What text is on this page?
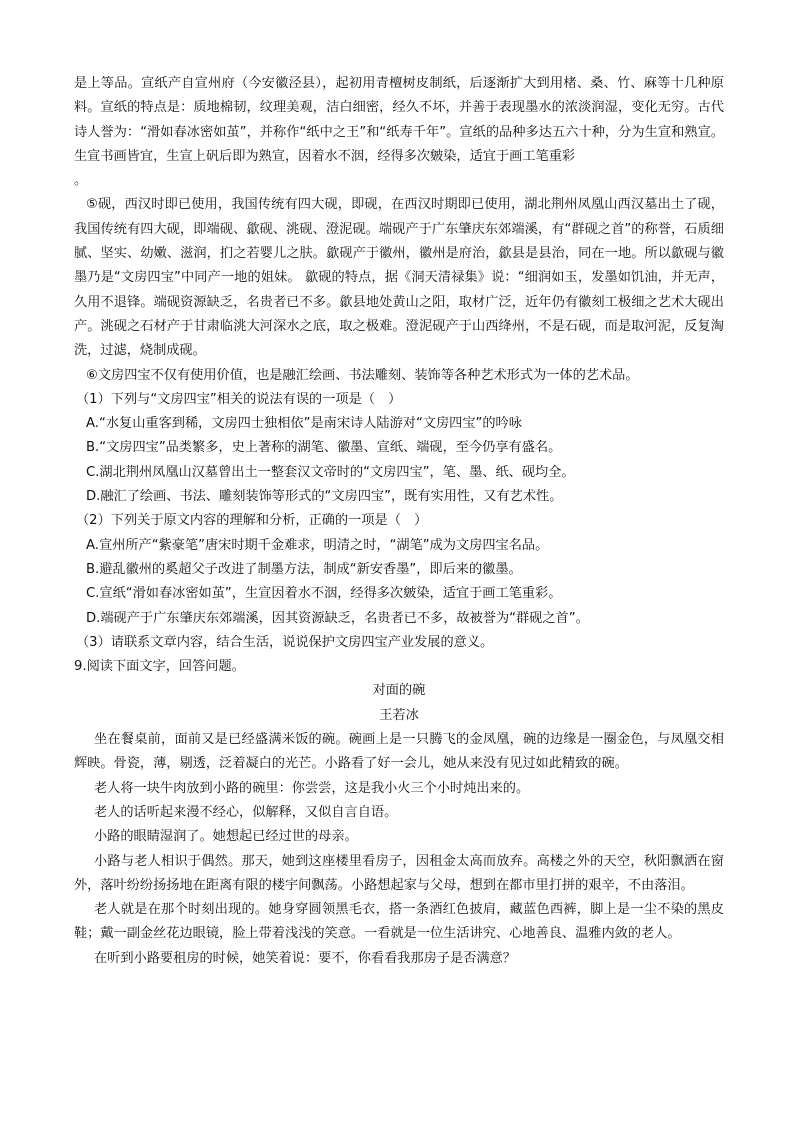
是上等品。宣纸产自宣州府（今安徽泾县），起初用青檀树皮制纸，后逐渐扩大到用楮、桑、竹、麻等十几种原料。宣纸的特点是：质地棉韧，纹理美观，洁白细密，经久不坏，并善于表现墨水的浓淡润湿，变化无穷。古代诗人誉为：“滑如春冰密如茧”，并称作“纸中之王”和“纸寿千年”。宣纸的品种多达五六十种，分为生宣和熟宣。生宣书画皆宜，生宣上矾后即为熟宣，因着水不洇，经得多次皴染，适宜于画工笔重彩

。

⑤砚，西汉时即已使用，我国传统有四大砚，即砚，在西汉时期即已使用，湖北荆州凤凰山西汉墓出土了砚，我国传统有四大砚，即端砚、歙砚、洮砚、澄泥砚。端砚产于广东肇庆东郊端溪，有“群砚之首”的称誉，石质细腻、坚实、幼嫩、滋润，扪之若婴儿之肤。歙砚产于徽州，徽州是府治，歙县是县治，同在一地。所以歙砚与徽墨乃是“文房四宝”中同产一地的姐妹。 歙砚的特点，据《洞天清禄集》说：“细润如玉，发墨如饥油，并无声，久用不退锋。端砚资源缺乏，名贵者已不多。歙县地处黄山之阳，取材广泛，近年仍有徽刻工极细之艺术大砚出产。洮砚之石材产于甘肃临洮大河深水之底，取之极难。澄泥砚产于山西绛州，不是石砚，而是取河泥，反复淘洗，过滤，烧制成砚。

⑥文房四宝不仅有使用价值，也是融汇绘画、书法雕刻、装饰等各种艺术形式为一体的艺术品。

（1）下列与“文房四宝”相关的说法有误的一项是（　）

A.“水复山重客到稀，文房四士独相依”是南宋诗人陆游对“文房四宝”的吟咏

B.“文房四宝”品类繁多，史上著称的湖笔、徽墨、宣纸、端砚，至今仍享有盛名。

C.湖北荆州凤凰山汉墓曾出土一整套汉文帝时的“文房四宝”，笔、墨、纸、砚均全。

D.融汇了绘画、书法、雕刻装饰等形式的“文房四宝”，既有实用性，又有艺术性。

（2）下列关于原文内容的理解和分析，正确的一项是（　）

A.宣州所产“紫豪笔”唐宋时期千金难求，明清之时，“湖笔”成为文房四宝名品。

B.避乱徽州的奚超父子改进了制墨方法，制成“新安香墨”，即后来的徽墨。

C.宣纸“滑如春冰密如茧”，生宣因着水不洇，经得多次皴染，适宜于画工笔重彩。

D.端砚产于广东肇庆东郊端溪，因其资源缺乏，名贵者已不多，故被誉为“群砚之首”。

（3）请联系文章内容，结合生活，说说保护文房四宝产业发展的意义。

9.阅读下面文字，回答问题。

对面的碗

王若冰

坐在餐桌前，面前又是已经盛满米饭的碗。碗画上是一只腾飞的金凤凰，碗的边缘是一圈金色，与凤凰交相辉映。骨瓷，薄，剔透，泛着凝白的光芒。小路看了好一会儿，她从来没有见过如此精致的碗。

老人将一块牛肉放到小路的碗里：你尝尝，这是我小火三个小时炖出来的。

老人的话听起来漫不经心，似解释，又似自言自语。

小路的眼睛湿润了。她想起已经过世的母亲。

小路与老人相识于偶然。那天，她到这座楼里看房子，因租金太高而放弃。高楼之外的天空，秋阳飘洒在窗外，落叶纷纷扬扬地在距离有限的楼宇间飘荡。小路想起家与父母，想到在都市里打拼的艰辛，不由落泪。

老人就是在那个时刻出现的。她身穿圆领黑毛衣，搭一条酒红色披肩，藏蓝色西裤，脚上是一尘不染的黑皮鞋；戴一副金丝花边眼镜，脸上带着浅浅的笑意。一看就是一位生活讲究、心地善良、温雅内敛的老人。

在听到小路要租房的时候，她笑着说：要不，你看看我那房子是否满意？
